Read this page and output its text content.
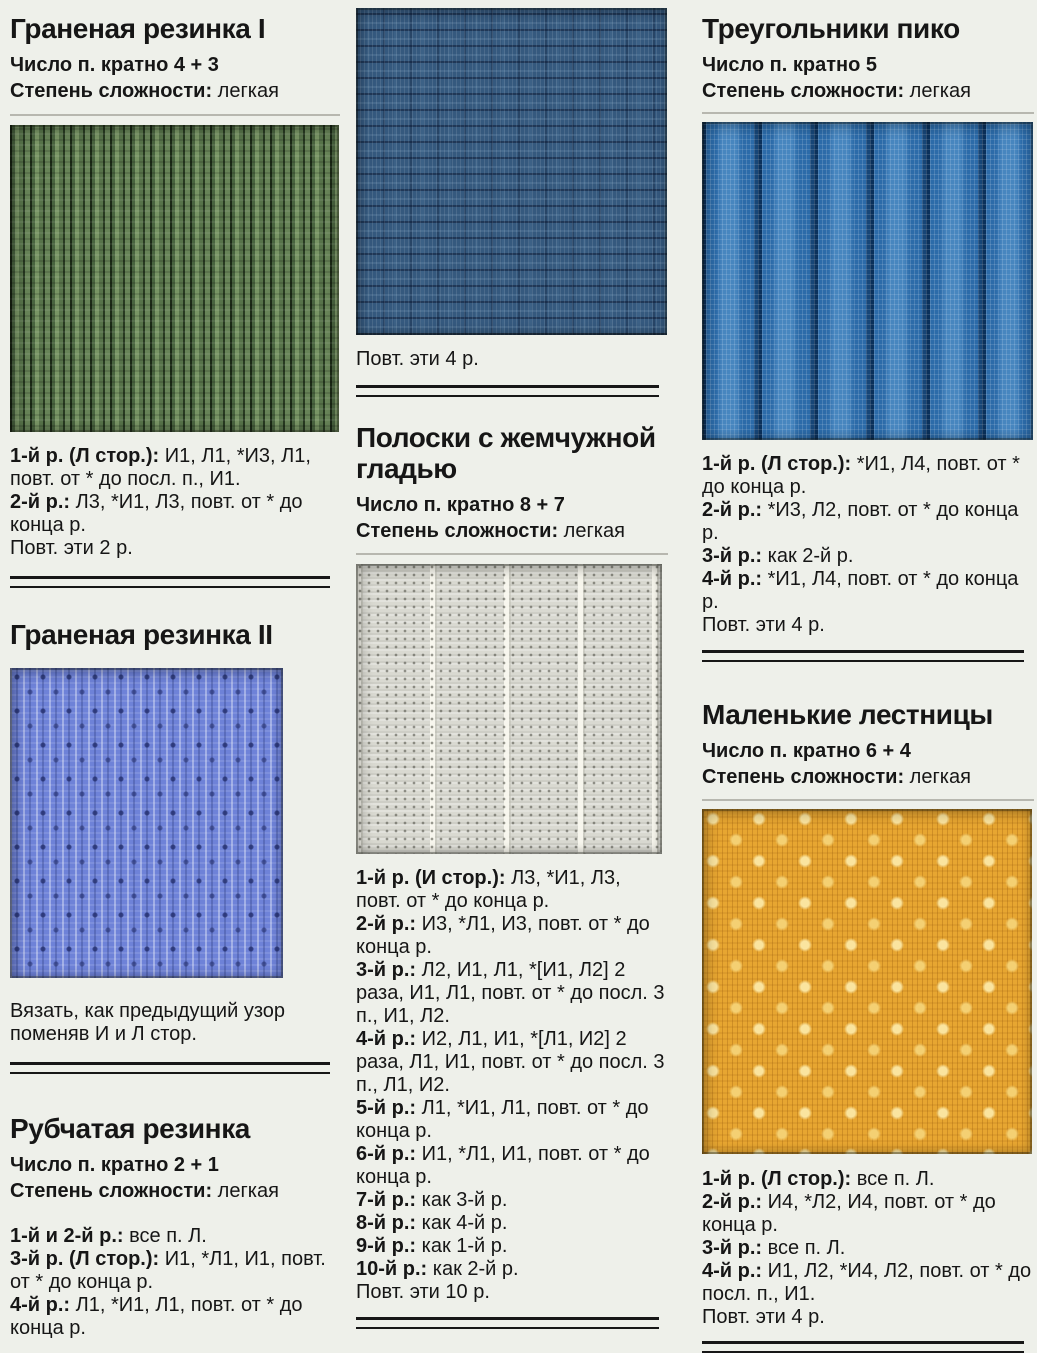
Граненая резинка I

Число п. кратно 4 + 3

Степень сложности: легкая

1-й р. (Л стор.): И1, Л1, *И3, Л1, повт. от * до посл. п., И1.

2-й р.: Л3, *И1, Л3, повт. от * до конца р.

Повт. эти 2 р.

Граненая резинка II

Вязать, как предыдущий узор поменяв И и Л стор.

Рубчатая резинка

Число п. кратно 2 + 1

Степень сложности: легкая

1-й и 2-й р.: все п. Л.

3-й р. (Л стор.): И1, *Л1, И1, повт. от * до конца р.

4-й р.: Л1, *И1, Л1, повт. от * до конца р.

Повт. эти 4 р.

Полоски с жемчужной гладью

Число п. кратно 8 + 7

Степень сложности: легкая

1-й р. (И стор.): Л3, *И1, Л3, повт. от * до конца р.

2-й р.: И3, *Л1, И3, повт. от * до конца р.

3-й р.: Л2, И1, Л1, *[И1, Л2] 2 раза, И1, Л1, повт. от * до посл. 3 п., И1, Л2.

4-й р.: И2, Л1, И1, *[Л1, И2] 2 раза, Л1, И1, повт. от * до посл. 3 п., Л1, И2.

5-й р.: Л1, *И1, Л1, повт. от * до конца р.

6-й р.: И1, *Л1, И1, повт. от * до конца р.

7-й р.: как 3-й р.

8-й р.: как 4-й р.

9-й р.: как 1-й р.

10-й р.: как 2-й р.

Повт. эти 10 р.

Треугольники пико

Число п. кратно 5

Степень сложности: легкая

1-й р. (Л стор.): *И1, Л4, повт. от * до конца р.

2-й р.: *И3, Л2, повт. от * до конца р.

3-й р.: как 2-й р.

4-й р.: *И1, Л4, повт. от * до конца р.

Повт. эти 4 р.

Маленькие лестницы

Число п. кратно 6 + 4

Степень сложности: легкая

1-й р. (Л стор.): все п. Л.

2-й р.: И4, *Л2, И4, повт. от * до конца р.

3-й р.: все п. Л.

4-й р.: И1, Л2, *И4, Л2, повт. от * до посл. п., И1.

Повт. эти 4 р.
